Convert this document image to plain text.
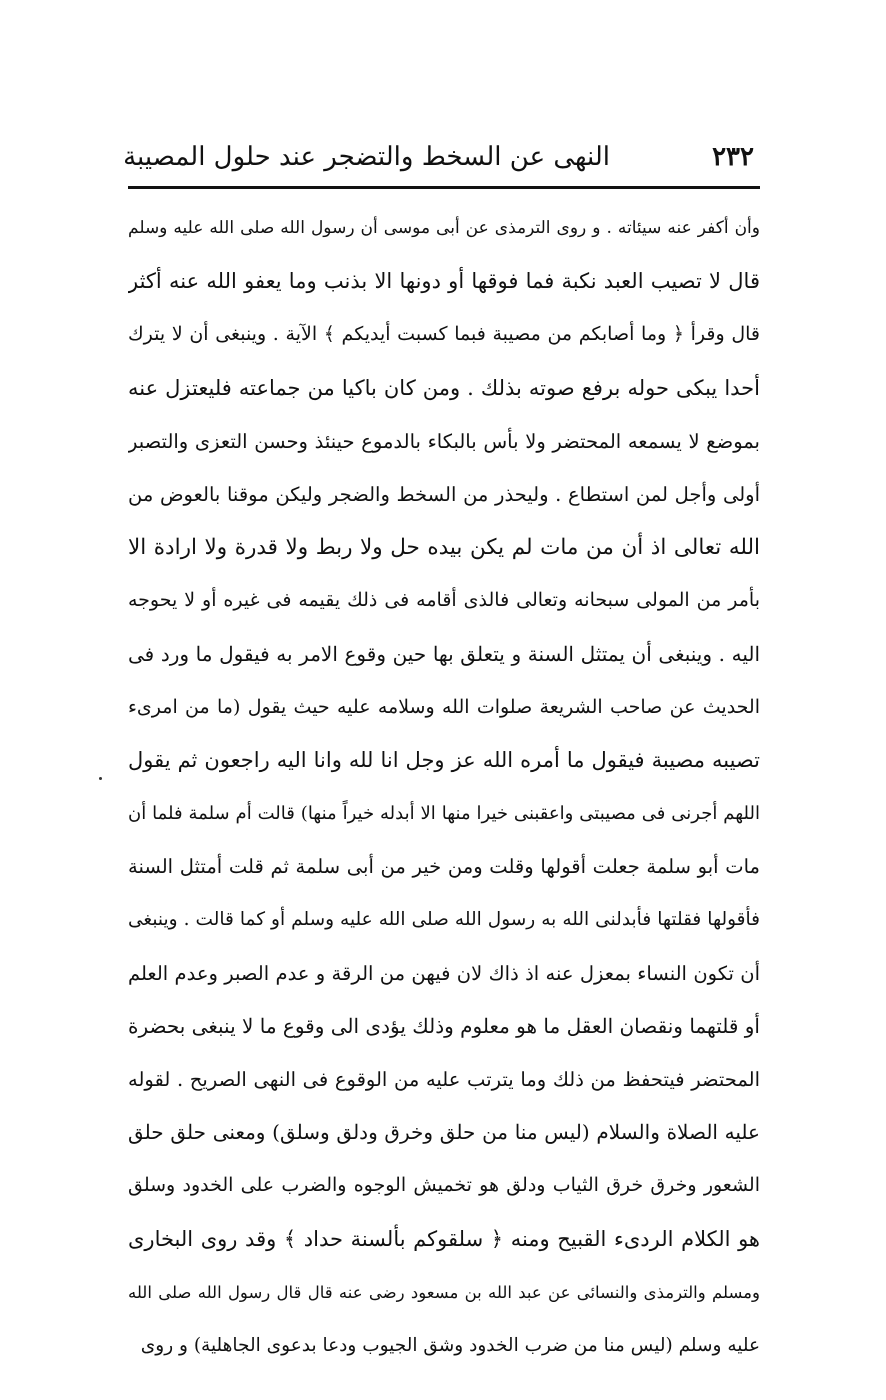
٢٣٢
النهى عن السخط والتضجر عند حلول المصيبة
وأن أكفر عنه سيئاته . و روى الترمذى عن أبى موسى أن رسول الله صلى الله عليه وسلم
قال لا تصيب العبد نكبة فما فوقها أو دونها الا بذنب وما يعفو الله عنه أكثر
قال وقرأ ﴿ وما أصابكم من مصيبة فبما كسبت أيديكم ﴾ الآية . وينبغى أن لا يترك
أحدا يبكى حوله برفع صوته بذلك . ومن كان باكيا من جماعته فليعتزل عنه
بموضع لا يسمعه المحتضر ولا بأس بالبكاء بالدموع حينئذ وحسن التعزى والتصبر
أولى وأجل لمن استطاع . وليحذر من السخط والضجر وليكن موقنا بالعوض من
الله تعالى اذ أن من مات لم يكن بيده حل ولا ربط ولا قدرة ولا ارادة الا
بأمر من المولى سبحانه وتعالى فالذى أقامه فى ذلك يقيمه فى غيره أو لا يحوجه
اليه . وينبغى أن يمتثل السنة و يتعلق بها حين وقوع الامر به فيقول ما ورد فى
الحديث عن صاحب الشريعة صلوات الله وسلامه عليه حيث يقول (ما من امرىء
تصيبه مصيبة فيقول ما أمره الله عز وجل انا لله وانا اليه راجعون ثم يقول
اللهم أجرنى فى مصيبتى واعقبنى خيرا منها الا أبدله خيراً منها) قالت أم سلمة فلما أن
مات أبو سلمة جعلت أقولها وقلت ومن خير من أبى سلمة ثم قلت أمتثل السنة
فأقولها فقلتها فأبدلنى الله به رسول الله صلى الله عليه وسلم أو كما قالت . وينبغى
أن تكون النساء بمعزل عنه اذ ذاك لان فيهن من الرقة و عدم الصبر وعدم العلم
أو قلتهما ونقصان العقل ما هو معلوم وذلك يؤدى الى وقوع ما لا ينبغى بحضرة
المحتضر فيتحفظ من ذلك وما يترتب عليه من الوقوع فى النهى الصريح . لقوله
عليه الصلاة والسلام (ليس منا من حلق وخرق ودلق وسلق) ومعنى حلق حلق
الشعور وخرق خرق الثياب ودلق هو تخميش الوجوه والضرب على الخدود وسلق
هو الكلام الردىء القبيح ومنه ﴿ سلقوكم بألسنة حداد ﴾ وقد روى البخارى
ومسلم والترمذى والنسائى عن عبد الله بن مسعود رضى عنه قال قال رسول الله صلى الله
عليه وسلم (ليس منا من ضرب الخدود وشق الجيوب ودعا بدعوى الجاهلية) و روى
